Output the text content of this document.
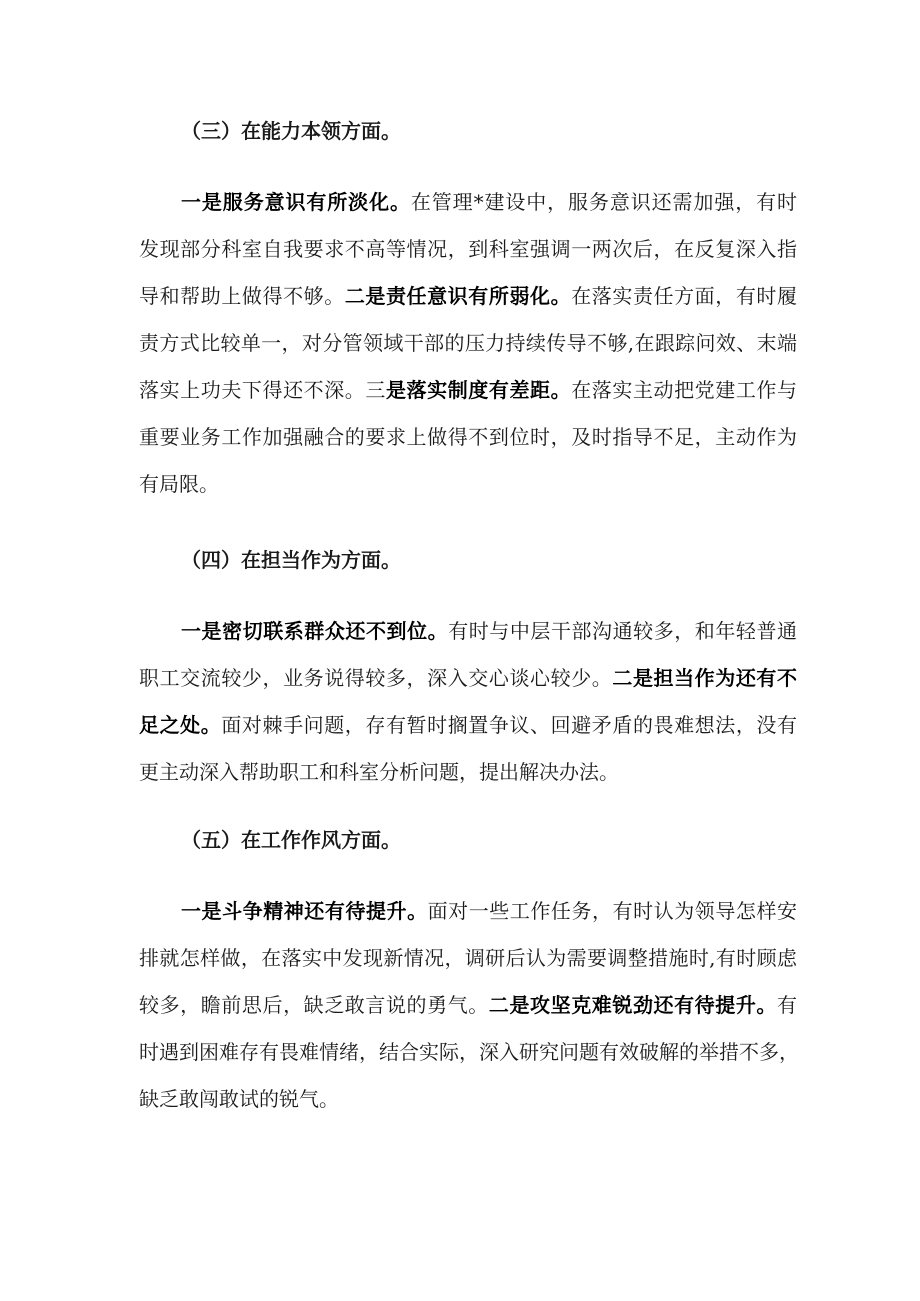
（三）在能力本领方面。
一是服务意识有所淡化。在管理*建设中，服务意识还需加强，有时
发现部分科室自我要求不高等情况，到科室强调一两次后，在反复深入指
导和帮助上做得不够。二是责任意识有所弱化。在落实责任方面，有时履
责方式比较单一，对分管领域干部的压力持续传导不够,在跟踪问效、末端
落实上功夫下得还不深。三是落实制度有差距。在落实主动把党建工作与
重要业务工作加强融合的要求上做得不到位时，及时指导不足，主动作为
有局限。
（四）在担当作为方面。
一是密切联系群众还不到位。有时与中层干部沟通较多，和年轻普通
职工交流较少，业务说得较多，深入交心谈心较少。二是担当作为还有不
足之处。面对棘手问题，存有暂时搁置争议、回避矛盾的畏难想法，没有
更主动深入帮助职工和科室分析问题，提出解决办法。
（五）在工作作风方面。
一是斗争精神还有待提升。面对一些工作任务，有时认为领导怎样安
排就怎样做，在落实中发现新情况，调研后认为需要调整措施时,有时顾虑
较多，瞻前思后，缺乏敢言说的勇气。二是攻坚克难锐劲还有待提升。有
时遇到困难存有畏难情绪，结合实际，深入研究问题有效破解的举措不多，
缺乏敢闯敢试的锐气。
